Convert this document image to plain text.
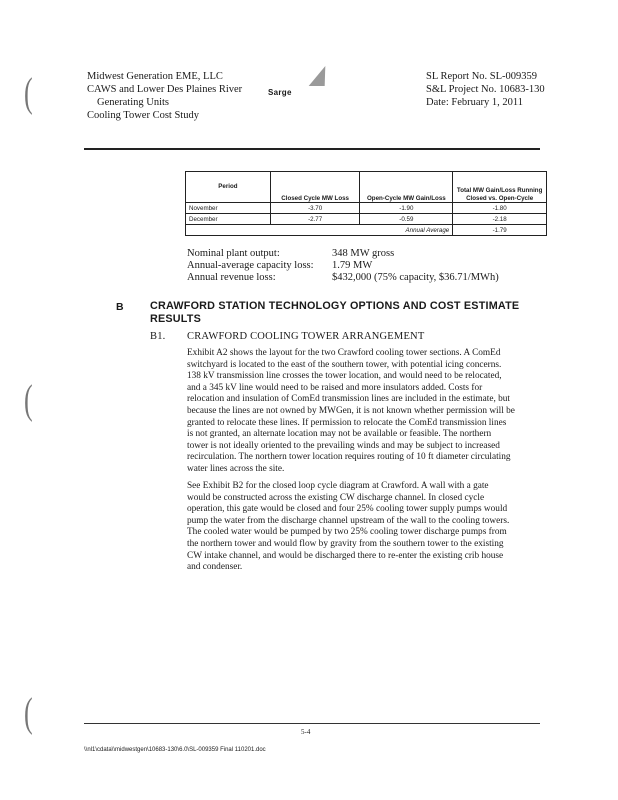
(
(
(
Midwest Generation EME, LLC
CAWS and Lower Des Plaines River
Generating Units
Cooling Tower Cost Study
Sarge
SL Report No. SL-009359
S&L Project No. 10683-130
Date: February 1, 2011
Period	Closed Cycle MW Loss	Open-Cycle MW Gain/Loss	Total MW Gain/Loss Running Closed vs. Open-Cycle
November	-3.70	-1.90	-1.80
December	-2.77	-0.59	-2.18
		Annual Average	-1.79
Nominal plant output:	348 MW gross
Annual-average capacity loss: 1.79 MW
Annual revenue loss:	$432,000 (75% capacity, $36.71/MWh)
B CRAWFORD STATION TECHNOLOGY OPTIONS AND COST ESTIMATE
RESULTS
B1. CRAWFORD COOLING TOWER ARRANGEMENT
Exhibit A2 shows the layout for the two Crawford cooling tower sections. A ComEd
switchyard is located to the east of the southern tower, with potential icing concerns.
138 kV transmission line crosses the tower location, and would need to be relocated,
and a 345 kV line would need to be raised and more insulators added. Costs for
relocation and insulation of ComEd transmission lines are included in the estimate, but
because the lines are not owned by MWGen, it is not known whether permission will be
granted to relocate these lines. If permission to relocate the ComEd transmission lines
is not granted, an alternate location may not be available or feasible. The northern
tower is not ideally oriented to the prevailing winds and may be subject to increased
recirculation. The northern tower location requires routing of 10 ft diameter circulating
water lines across the site.
See Exhibit B2 for the closed loop cycle diagram at Crawford. A wall with a gate
would be constructed across the existing CW discharge channel. In closed cycle
operation, this gate would be closed and four 25% cooling tower supply pumps would
pump the water from the discharge channel upstream of the wall to the cooling towers.
The cooled water would be pumped by two 25% cooling tower discharge pumps from
the northern tower and would flow by gravity from the southern tower to the existing
CW intake channel, and would be discharged there to re-enter the existing crib house
and condenser.
5-4
\\nl1\cdata\\midwestgen\10683-130\6.0\SL-009359 Final 110201.doc
